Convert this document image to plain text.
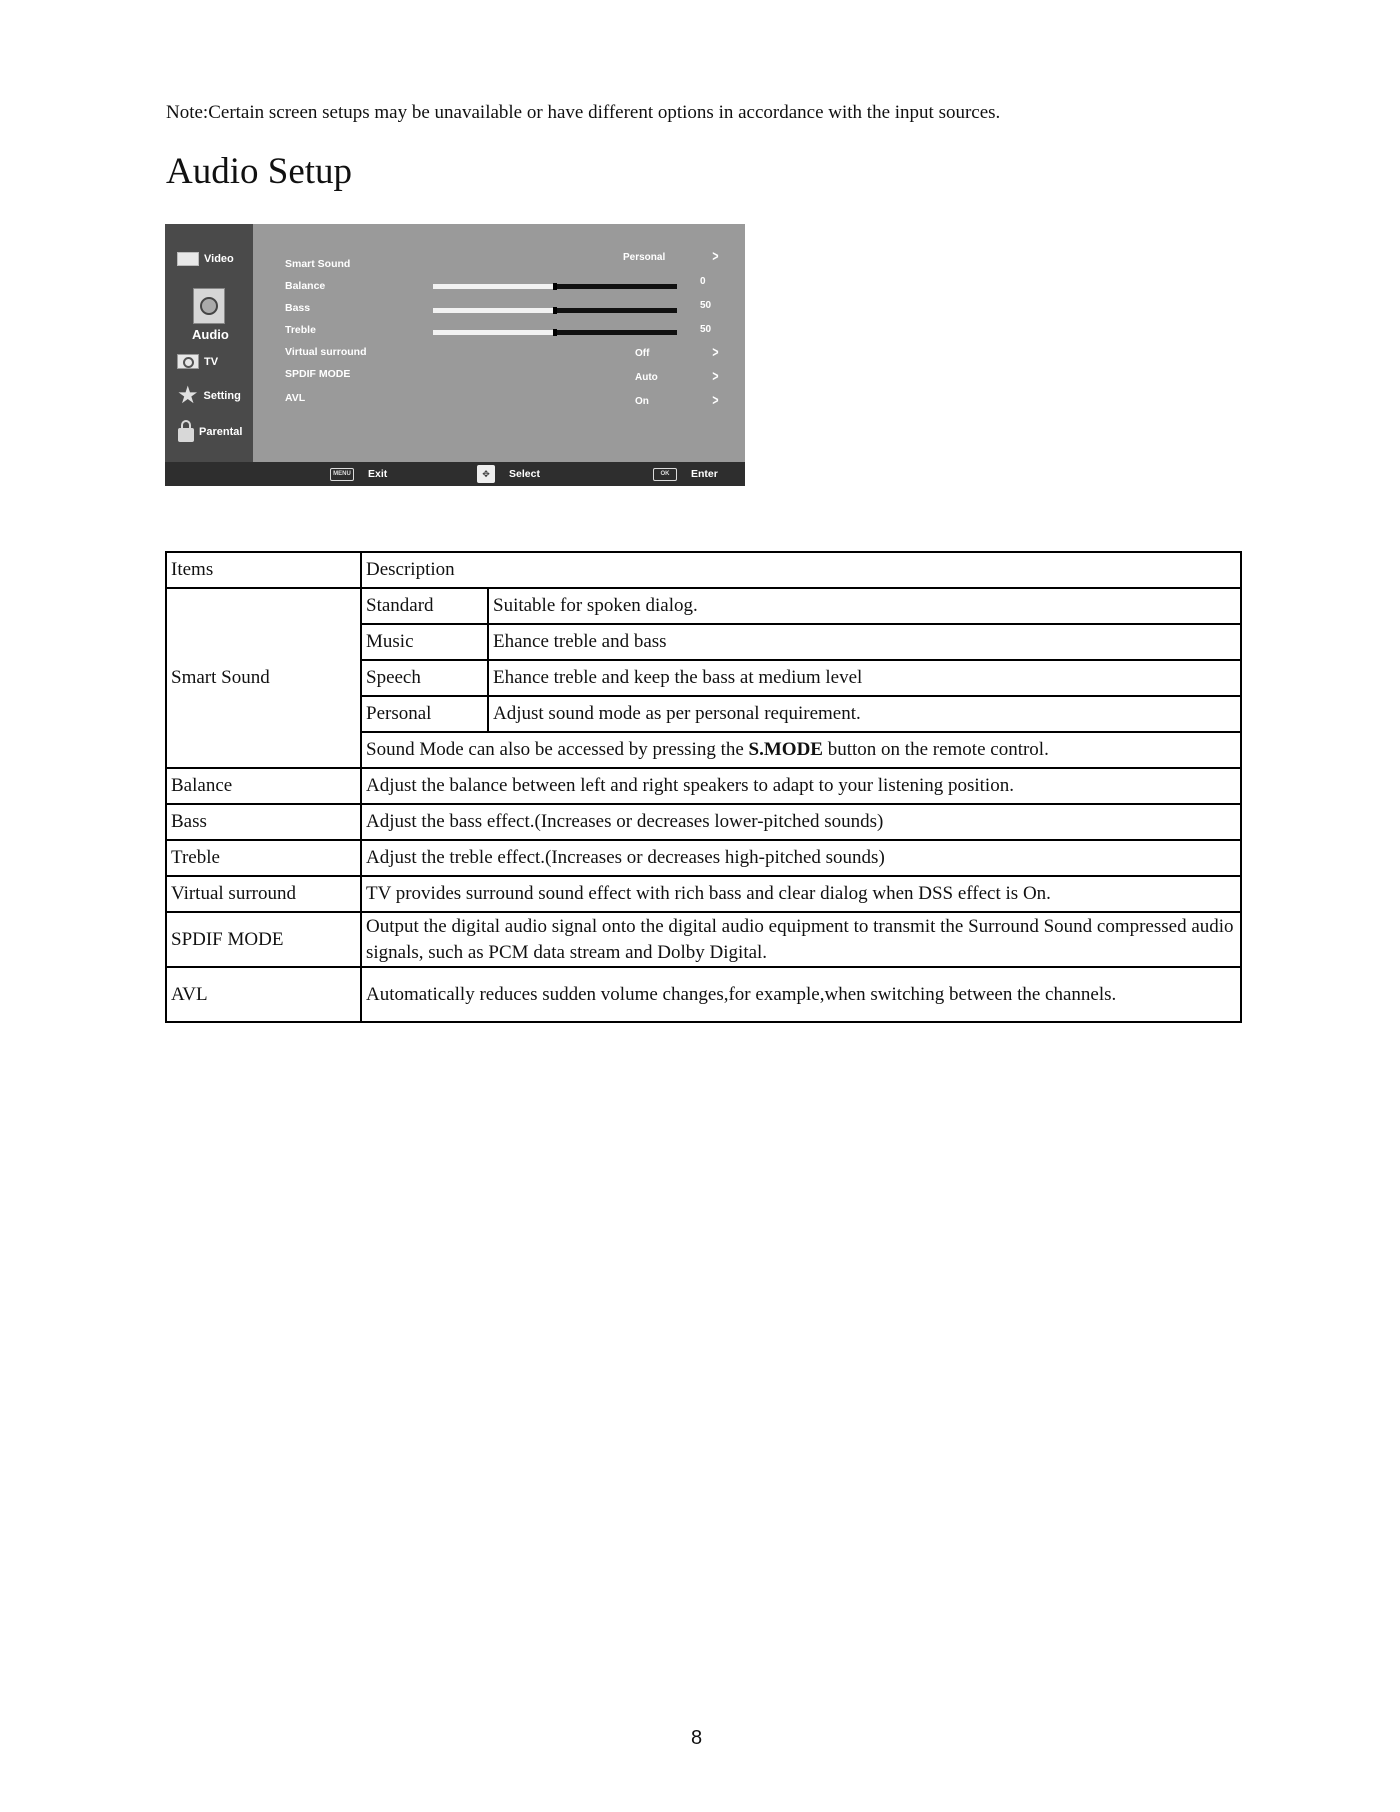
Note:Certain screen setups may be unavailable or have different options in accordance with the input sources.
Audio Setup
Video
Audio
TV
★ Setting
Parental
Smart Sound
Personal	>
Balance	0
Bass	50
Treble	50
Virtual surround	Off	>
SPDIF MODE	Auto	>
AVL	On	>
MENU	Exit	✥	Select	OK	Enter
Items	Description	
Smart Sound	Standard	Suitable for spoken dialog.
	Music	Ehance treble and bass
	Speech	Ehance treble and keep the bass at medium level
	Personal	Adjust sound mode as per personal requirement.
	Sound Mode can also be accessed by pressing the S.MODE button on the remote control.	
Balance	Adjust the balance between left and right speakers to adapt to your listening position.	
Bass	Adjust the bass effect.(Increases or decreases lower-pitched sounds)	
Treble	Adjust the treble effect.(Increases or decreases high-pitched sounds)	
Virtual surround	TV provides surround sound effect with rich bass and clear dialog when DSS effect is On.	
SPDIF MODE	Output the digital audio signal onto the digital audio equipment to transmit the Surround Sound compressed audio signals, such as PCM data stream and Dolby Digital.	
AVL	Automatically reduces sudden volume changes,for example,when switching between the channels.	
8
